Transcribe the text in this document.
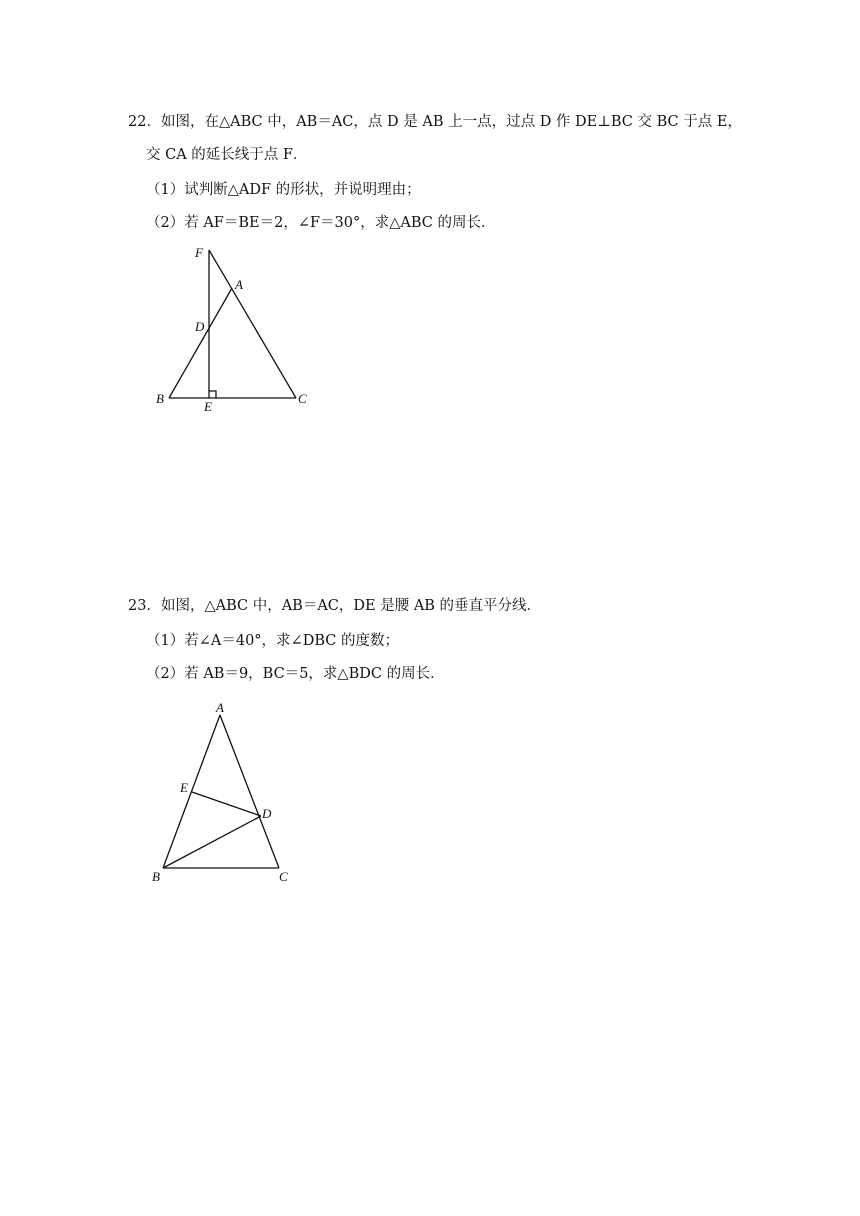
22．如图，在△ABC 中，AB＝AC，点 D 是 AB 上一点，过点 D 作 DE⊥BC 交 BC 于点 E，
交 CA 的延长线于点 F．
（1）试判断△ADF 的形状，并说明理由；
（2）若 AF＝BE＝2，∠F＝30°，求△ABC 的周长．
F
A
D
B
E
C
23．如图，△ABC 中，AB＝AC，DE 是腰 AB 的垂直平分线．
（1）若∠A＝40°，求∠DBC 的度数；
（2）若 AB＝9，BC＝5，求△BDC 的周长．
A
E
D
B	C
